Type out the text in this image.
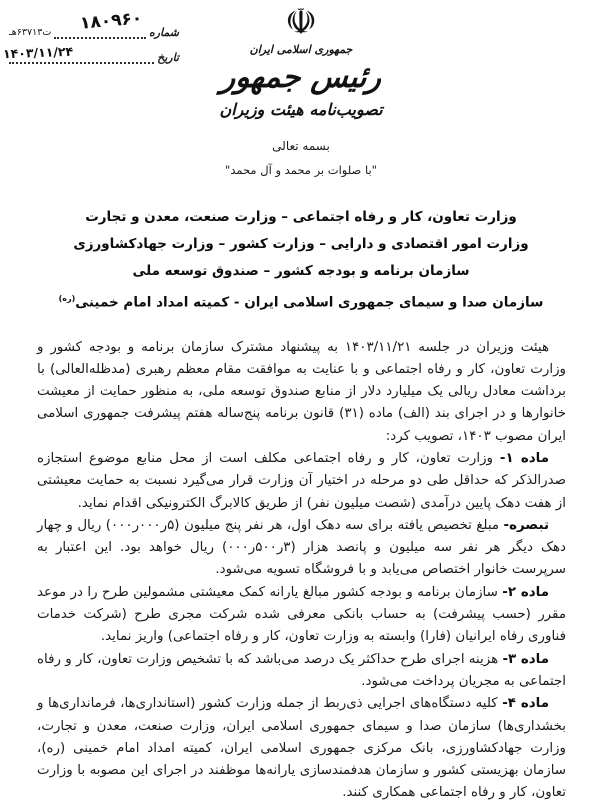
شماره
۱۸۰۹۶۰
ت۶۳۷۱۳هـ
تاریخ
۱۴۰۳/۱۱/۲۴
☫
جمهوری اسلامی ایران
رئیس جمهور
تصویب‌نامه هیئت وزیران
بسمه تعالی
"با صلوات بر محمد و آل محمد"
وزارت تعاون، کار و رفاه اجتماعی – وزارت صنعت، معدن و تجارت
وزارت امور اقتصادی و دارایی – وزارت کشور – وزارت جهادکشاورزی
سازمان برنامه و بودجه کشور – صندوق توسعه ملی
سازمان صدا و سیمای جمهوری اسلامی ایران - کمیته امداد امام خمینی$^{(ره)}$

هیئت وزیران در جلسه ۱۴۰۳/۱۱/۲۱ به پیشنهاد مشترک سازمان برنامه و بودجه کشور و وزارت تعاون، کار و رفاه اجتماعی و با عنایت به موافقت مقام معظم رهبری (مدظله‌العالی) با برداشت معادل ریالی یک میلیارد دلار از منابع صندوق توسعه ملی، به منظور حمایت از معیشت خانوارها و در اجرای بند (الف) ماده (۳۱) قانون برنامه پنج‌ساله هفتم پیشرفت جمهوری اسلامی ایران مصوب ۱۴۰۳، تصویب کرد:

ماده ۱- وزارت تعاون، کار و رفاه اجتماعی مکلف است از محل منابع موضوع استجازه صدرالذکر که حداقل طی دو مرحله در اختیار آن وزارت قرار می‌گیرد نسبت به حمایت معیشتی از هفت دهک پایین درآمدی (شصت میلیون نفر) از طریق کالابرگ الکترونیکی اقدام نماید.

تبصره- مبلغ تخصیص یافته برای سه دهک اول، هر نفر پنج میلیون (۵ر۰۰۰ر۰۰۰) ریال و چهار دهک دیگر هر نفر سه میلیون و پانصد هزار (۳ر۵۰۰ر۰۰۰) ریال خواهد بود. این اعتبار به سرپرست خانوار اختصاص می‌یابد و با فروشگاه تسویه می‌شود.

ماده ۲- سازمان برنامه و بودجه کشور مبالغ یارانه کمک معیشتی مشمولین طرح را در موعد مقرر (حسب پیشرفت) به حساب بانکی معرفی شده شرکت مجری طرح (شرکت خدمات فناوری رفاه ایرانیان (فارا) وابسته به وزارت تعاون، کار و رفاه اجتماعی) واریز نماید.

ماده ۳- هزینه اجرای طرح حداکثر یک درصد می‌باشد که با تشخیص وزارت تعاون، کار و رفاه اجتماعی به مجریان پرداخت می‌شود.

ماده ۴- کلیه دستگاه‌های اجرایی ذی‌ربط از جمله وزارت کشور (استانداری‌ها، فرمانداری‌ها و بخشداری‌ها) سازمان صدا و سیمای جمهوری اسلامی ایران، وزارت صنعت، معدن و تجارت، وزارت جهادکشاورزی، بانک مرکزی جمهوری اسلامی ایران، کمیته امداد امام خمینی (ره)، سازمان بهزیستی کشور و سازمان هدفمندسازی یارانه‌ها موظفند در اجرای این مصوبه با وزارت تعاون، کار و رفاه اجتماعی همکاری کنند.
